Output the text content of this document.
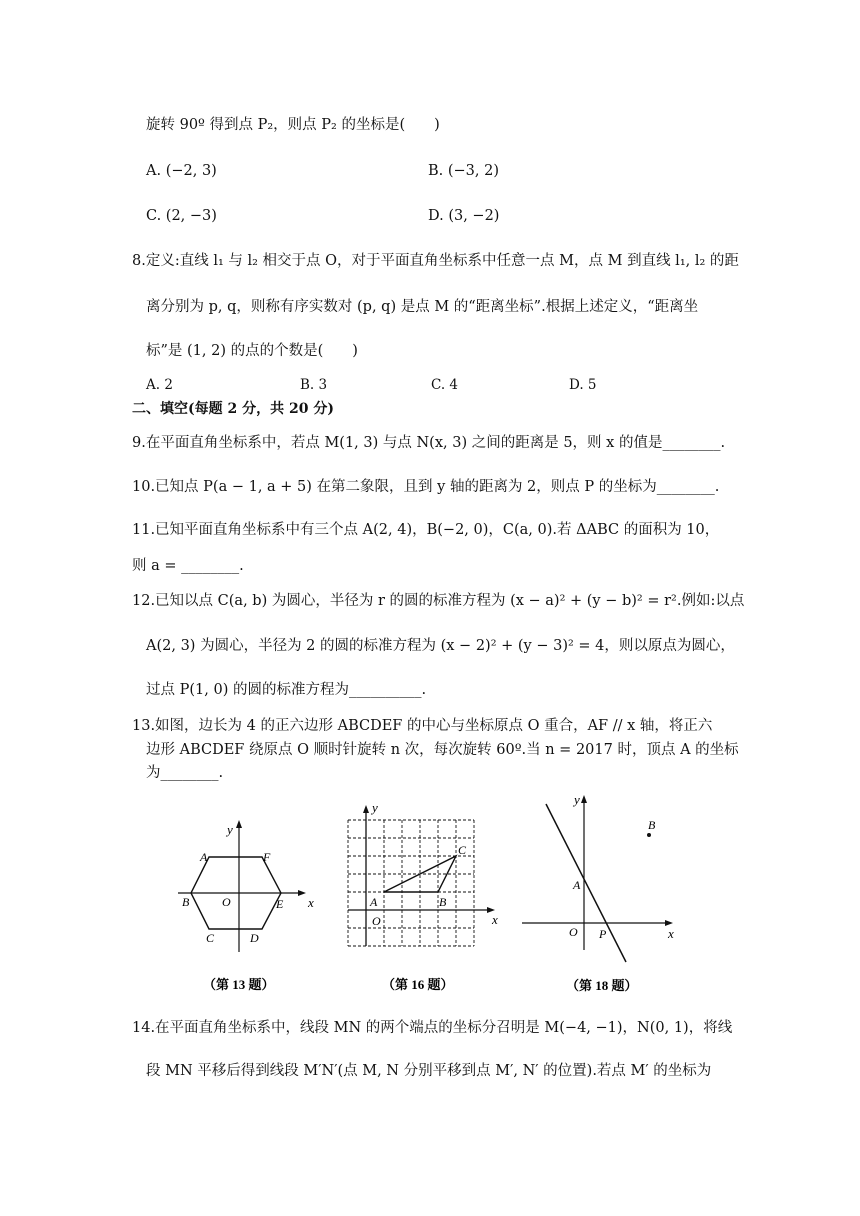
旋转 90º 得到点 P₂，则点 P₂ 的坐标是(　　)
A. (−2, 3)	B. (−3, 2)
C. (2, −3)	D. (3, −2)
8.定义:直线 l₁ 与 l₂ 相交于点 O，对于平面直角坐标系中任意一点 M，点 M 到直线 l₁, l₂ 的距
离分别为 p, q，则称有序实数对 (p, q) 是点 M 的“距离坐标”.根据上述定义，“距离坐
标”是 (1, 2) 的点的个数是(　　)
A. 2	B. 3	C. 4	D. 5
二、填空(每题 2 分，共 20 分)
9.在平面直角坐标系中，若点 M(1, 3) 与点 N(x, 3) 之间的距离是 5，则 x 的值是________.
10.已知点 P(a − 1, a + 5) 在第二象限，且到 y 轴的距离为 2，则点 P 的坐标为________.
11.已知平面直角坐标系中有三个点 A(2, 4)，B(−2, 0)，C(a, 0).若 ΔABC 的面积为 10，
则 a = ________.
12.已知以点 C(a, b) 为圆心，半径为 r 的圆的标准方程为 (x − a)² + (y − b)² = r².例如:以点
A(2, 3) 为圆心，半径为 2 的圆的标准方程为 (x − 2)² + (y − 3)² = 4，则以原点为圆心，
过点 P(1, 0) 的圆的标准方程为__________.
13.如图，边长为 4 的正六边形 ABCDEF 的中心与坐标原点 O 重合，AF // x 轴，将正六
边形 ABCDEF 绕原点 O 顺时针旋转 n 次，每次旋转 60º.当 n = 2017 时，顶点 A 的坐标
为________.
y
x
A	F
B	O	E
C	D
（第 13 题）
y
x
O
A	B
C
（第 16 题）
y
x
A
B
O P
（第 18 题）
14.在平面直角坐标系中，线段 MN 的两个端点的坐标分召明是 M(−4, −1)，N(0, 1)，将线
段 MN 平移后得到线段 M′N′(点 M, N 分别平移到点 M′, N′ 的位置).若点 M′ 的坐标为
